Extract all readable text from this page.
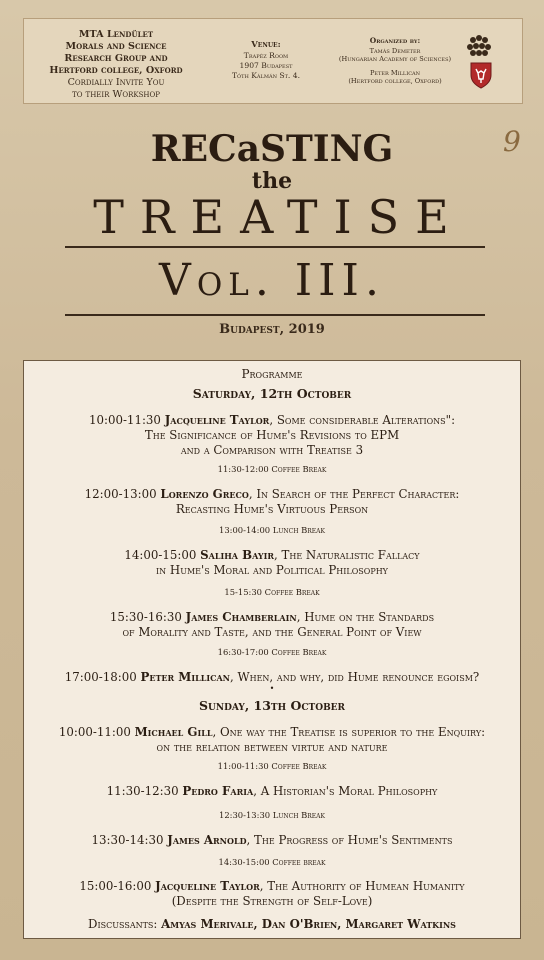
MTA Lendület
Morals and Science
Research Group and
Hertford college, Oxford
Cordially Invite You
to their Workshop
Venue:
Trapéz Room
1907 Budapest
Tóth Kálmán St. 4.
Organized by:
Tamás Demeter
(Hungarian Academy of Sciences)
Peter Millican
(Hertford college, Oxford)
9
RECaSTING
the
TREATISE
Vol. III.
Budapest, 2019
Programme
Saturday, 12th October
10:00-11:30 Jacqueline Taylor, Some considerable Alterations":
The Significance of Hume's Revisions to EPM
and a Comparison with Treatise 3
11:30-12:00 Coffee Break
12:00-13:00 Lorenzo Greco, In Search of the Perfect Character:
Recasting Hume's Virtuous Person
13:00-14:00 Lunch Break
14:00-15:00 Saliha Bayir, The Naturalistic Fallacy
in Hume's Moral and Political Philosophy
15-15:30 Coffee Break
15:30-16:30 James Chamberlain, Hume on the Standards
of Morality and Taste, and the General Point of View
16:30-17:00 Coffee Break
17:00-18:00 Peter Millican, When, and why, did Hume renounce egoism?
•
Sunday, 13th October
10:00-11:00 Michael Gill, One way the Treatise is superior to the Enquiry:
on the relation between virtue and nature
11:00-11:30 Coffee Break
11:30-12:30 Pedro Faria, A Historian's Moral Philosophy
12:30-13:30 Lunch Break
13:30-14:30 James Arnold, The Progress of Hume's Sentiments
14:30-15:00 Coffee break
15:00-16:00 Jacqueline Taylor, The Authority of Humean Humanity
(Despite the Strength of Self-Love)
Discussants: Amyas Merivale, Dan O'Brien, Margaret Watkins
